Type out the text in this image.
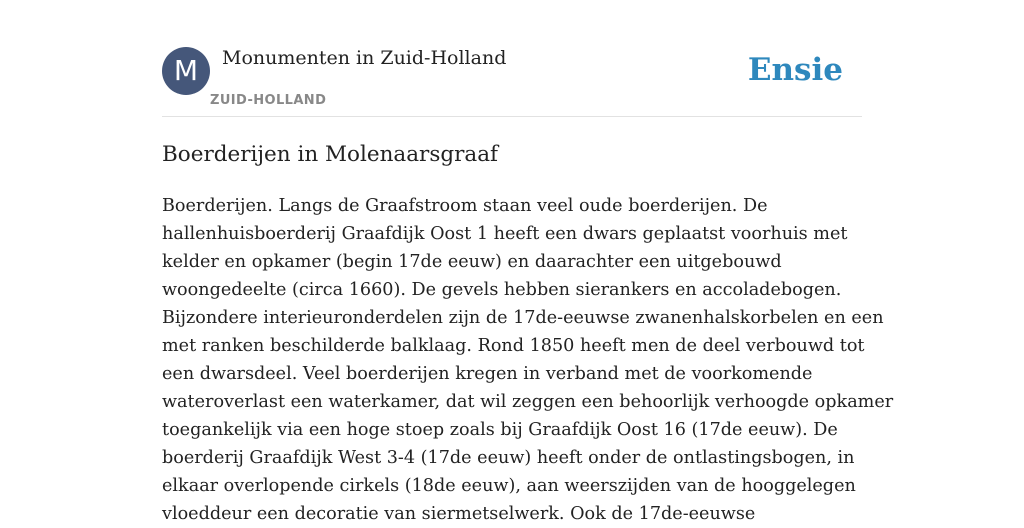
M	Monumenten in Zuid-Holland
ZUID-HOLLAND
Ensie
Boerderijen in Molenaarsgraaf
Boerderijen. Langs de Graafstroom staan veel oude boerderijen. De
hallenhuisboerderij Graafdijk Oost 1 heeft een dwars geplaatst voorhuis met
kelder en opkamer (begin 17de eeuw) en daarachter een uitgebouwd
woongedeelte (circa 1660). De gevels hebben sierankers en accoladebogen.
Bijzondere interieuronderdelen zijn de 17de-eeuwse zwanenhalskorbelen en een
met ranken beschilderde balklaag. Rond 1850 heeft men de deel verbouwd tot
een dwarsdeel. Veel boerderijen kregen in verband met de voorkomende
wateroverlast een waterkamer, dat wil zeggen een behoorlijk verhoogde opkamer
toegankelijk via een hoge stoep zoals bij Graafdijk Oost 16 (17de eeuw). De
boerderij Graafdijk West 3-4 (17de eeuw) heeft onder de ontlastingsbogen, in
elkaar overlopende cirkels (18de eeuw), aan weerszijden van de hooggelegen
vloeddeur een decoratie van siermetselwerk. Ook de 17de-eeuwse
